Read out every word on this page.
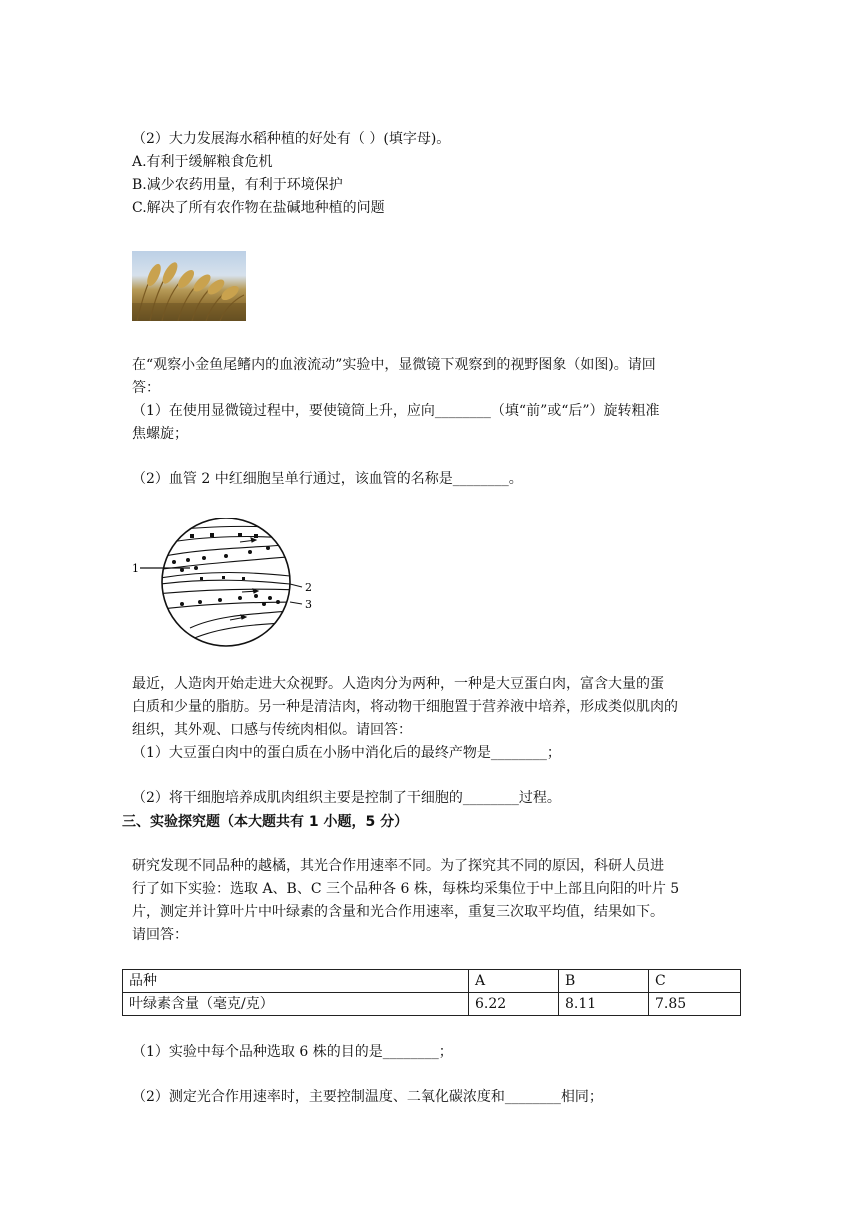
（2）大力发展海水稻种植的好处有（ ）(填字母)。
A.有利于缓解粮食危机
B.减少农药用量，有利于环境保护
C.解决了所有农作物在盐碱地种植的问题
在“观察小金鱼尾鳍内的血液流动”实验中，显微镜下观察到的视野图象（如图)。请回
答：
（1）在使用显微镜过程中，要使镜筒上升，应向________（填“前”或“后”）旋转粗准
焦螺旋；
（2）血管 2 中红细胞呈单行通过，该血管的名称是________。
1
2
3
最近，人造肉开始走进大众视野。人造肉分为两种，一种是大豆蛋白肉，富含大量的蛋
白质和少量的脂肪。另一种是清洁肉，将动物干细胞置于营养液中培养，形成类似肌肉的
组织，其外观、口感与传统肉相似。请回答：
（1）大豆蛋白肉中的蛋白质在小肠中消化后的最终产物是________；
（2）将干细胞培养成肌肉组织主要是控制了干细胞的________过程。
三、实验探究题（本大题共有 1 小题，5 分）
研究发现不同品种的越橘，其光合作用速率不同。为了探究其不同的原因，科研人员进
行了如下实验：选取 A、B、C 三个品种各 6 株，每株均采集位于中上部且向阳的叶片 5
片，测定并计算叶片中叶绿素的含量和光合作用速率，重复三次取平均值，结果如下。
请回答：
品种	A	B	C
叶绿素含量（毫克/克）	6.22	8.11	7.85
（1）实验中每个品种选取 6 株的目的是________；
（2）测定光合作用速率时，主要控制温度、二氧化碳浓度和________相同；
